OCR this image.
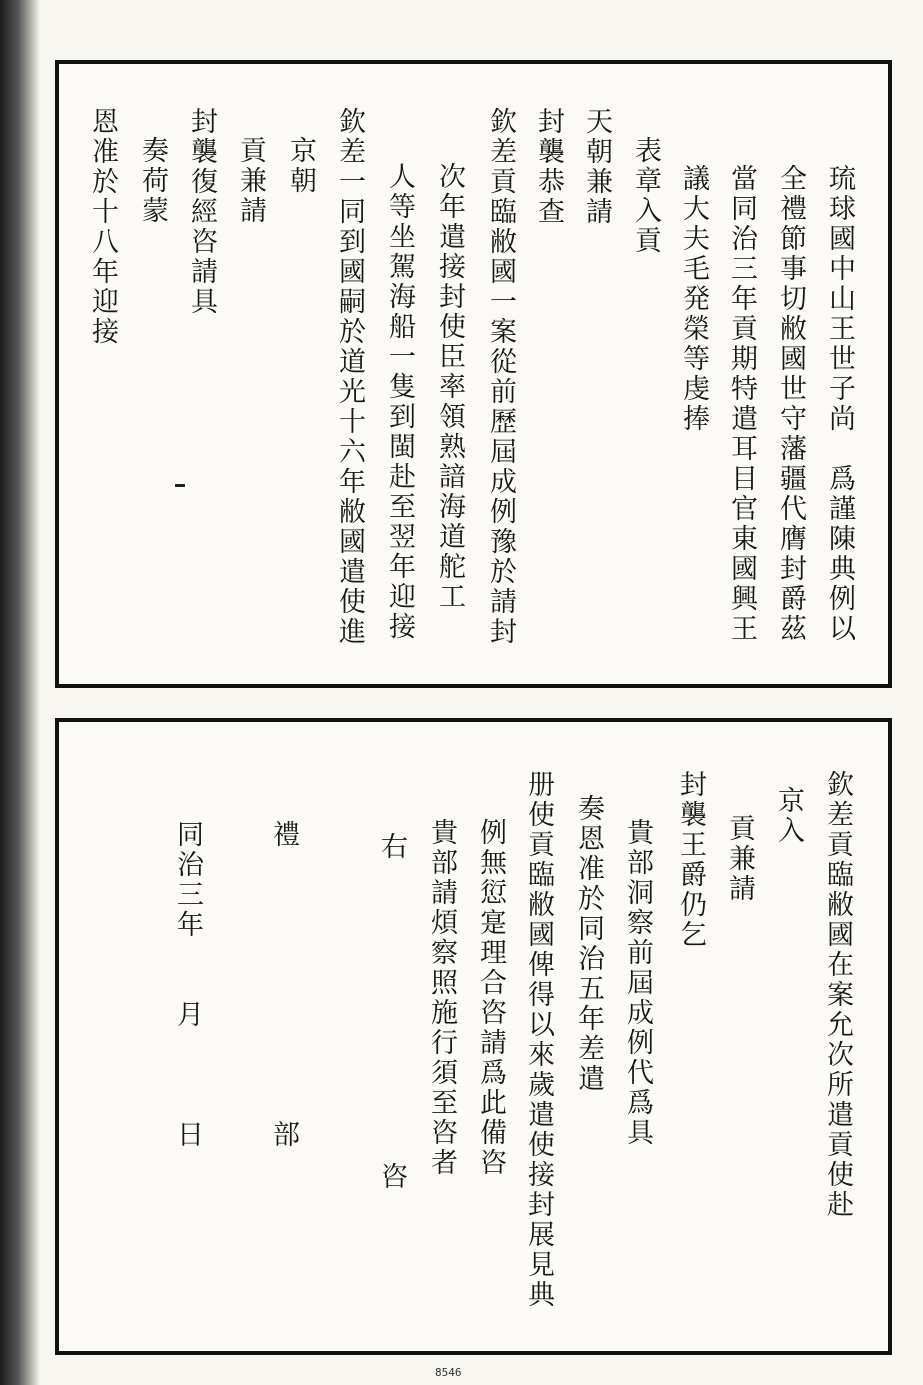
琉球國中山王世子尚　爲謹陳典例以
全禮節事切敝國世守藩疆代膺封爵茲
當同治三年貢期特遣耳目官東國興王
議大夫毛発榮等虔捧
表章入貢
天朝兼請
封襲恭查
欽差貢臨敝國一案從前歷屆成例豫於請封
次年遣接封使臣率領熟諳海道舵工
人等坐駕海船一隻到閩赴至翌年迎接
欽差一同到國嗣於道光十六年敝國遣使進
京朝
貢兼請
封襲復經咨請具
奏荷蒙
恩准於十八年迎接
欽差貢臨敝國在案允次所遣貢使赴
京入
貢兼請
封襲王爵仍乞
貴部洞察前屆成例代爲具
奏恩准於同治五年差遣
册使貢臨敝國俾得以來歲遣使接封展見典
例無愆寔理合咨請爲此備咨
貴部請煩察照施行須至咨者
右　　　　　　　　　　咨
禮　　　　　　　　　部
同治三年　　月　　　日
8546
